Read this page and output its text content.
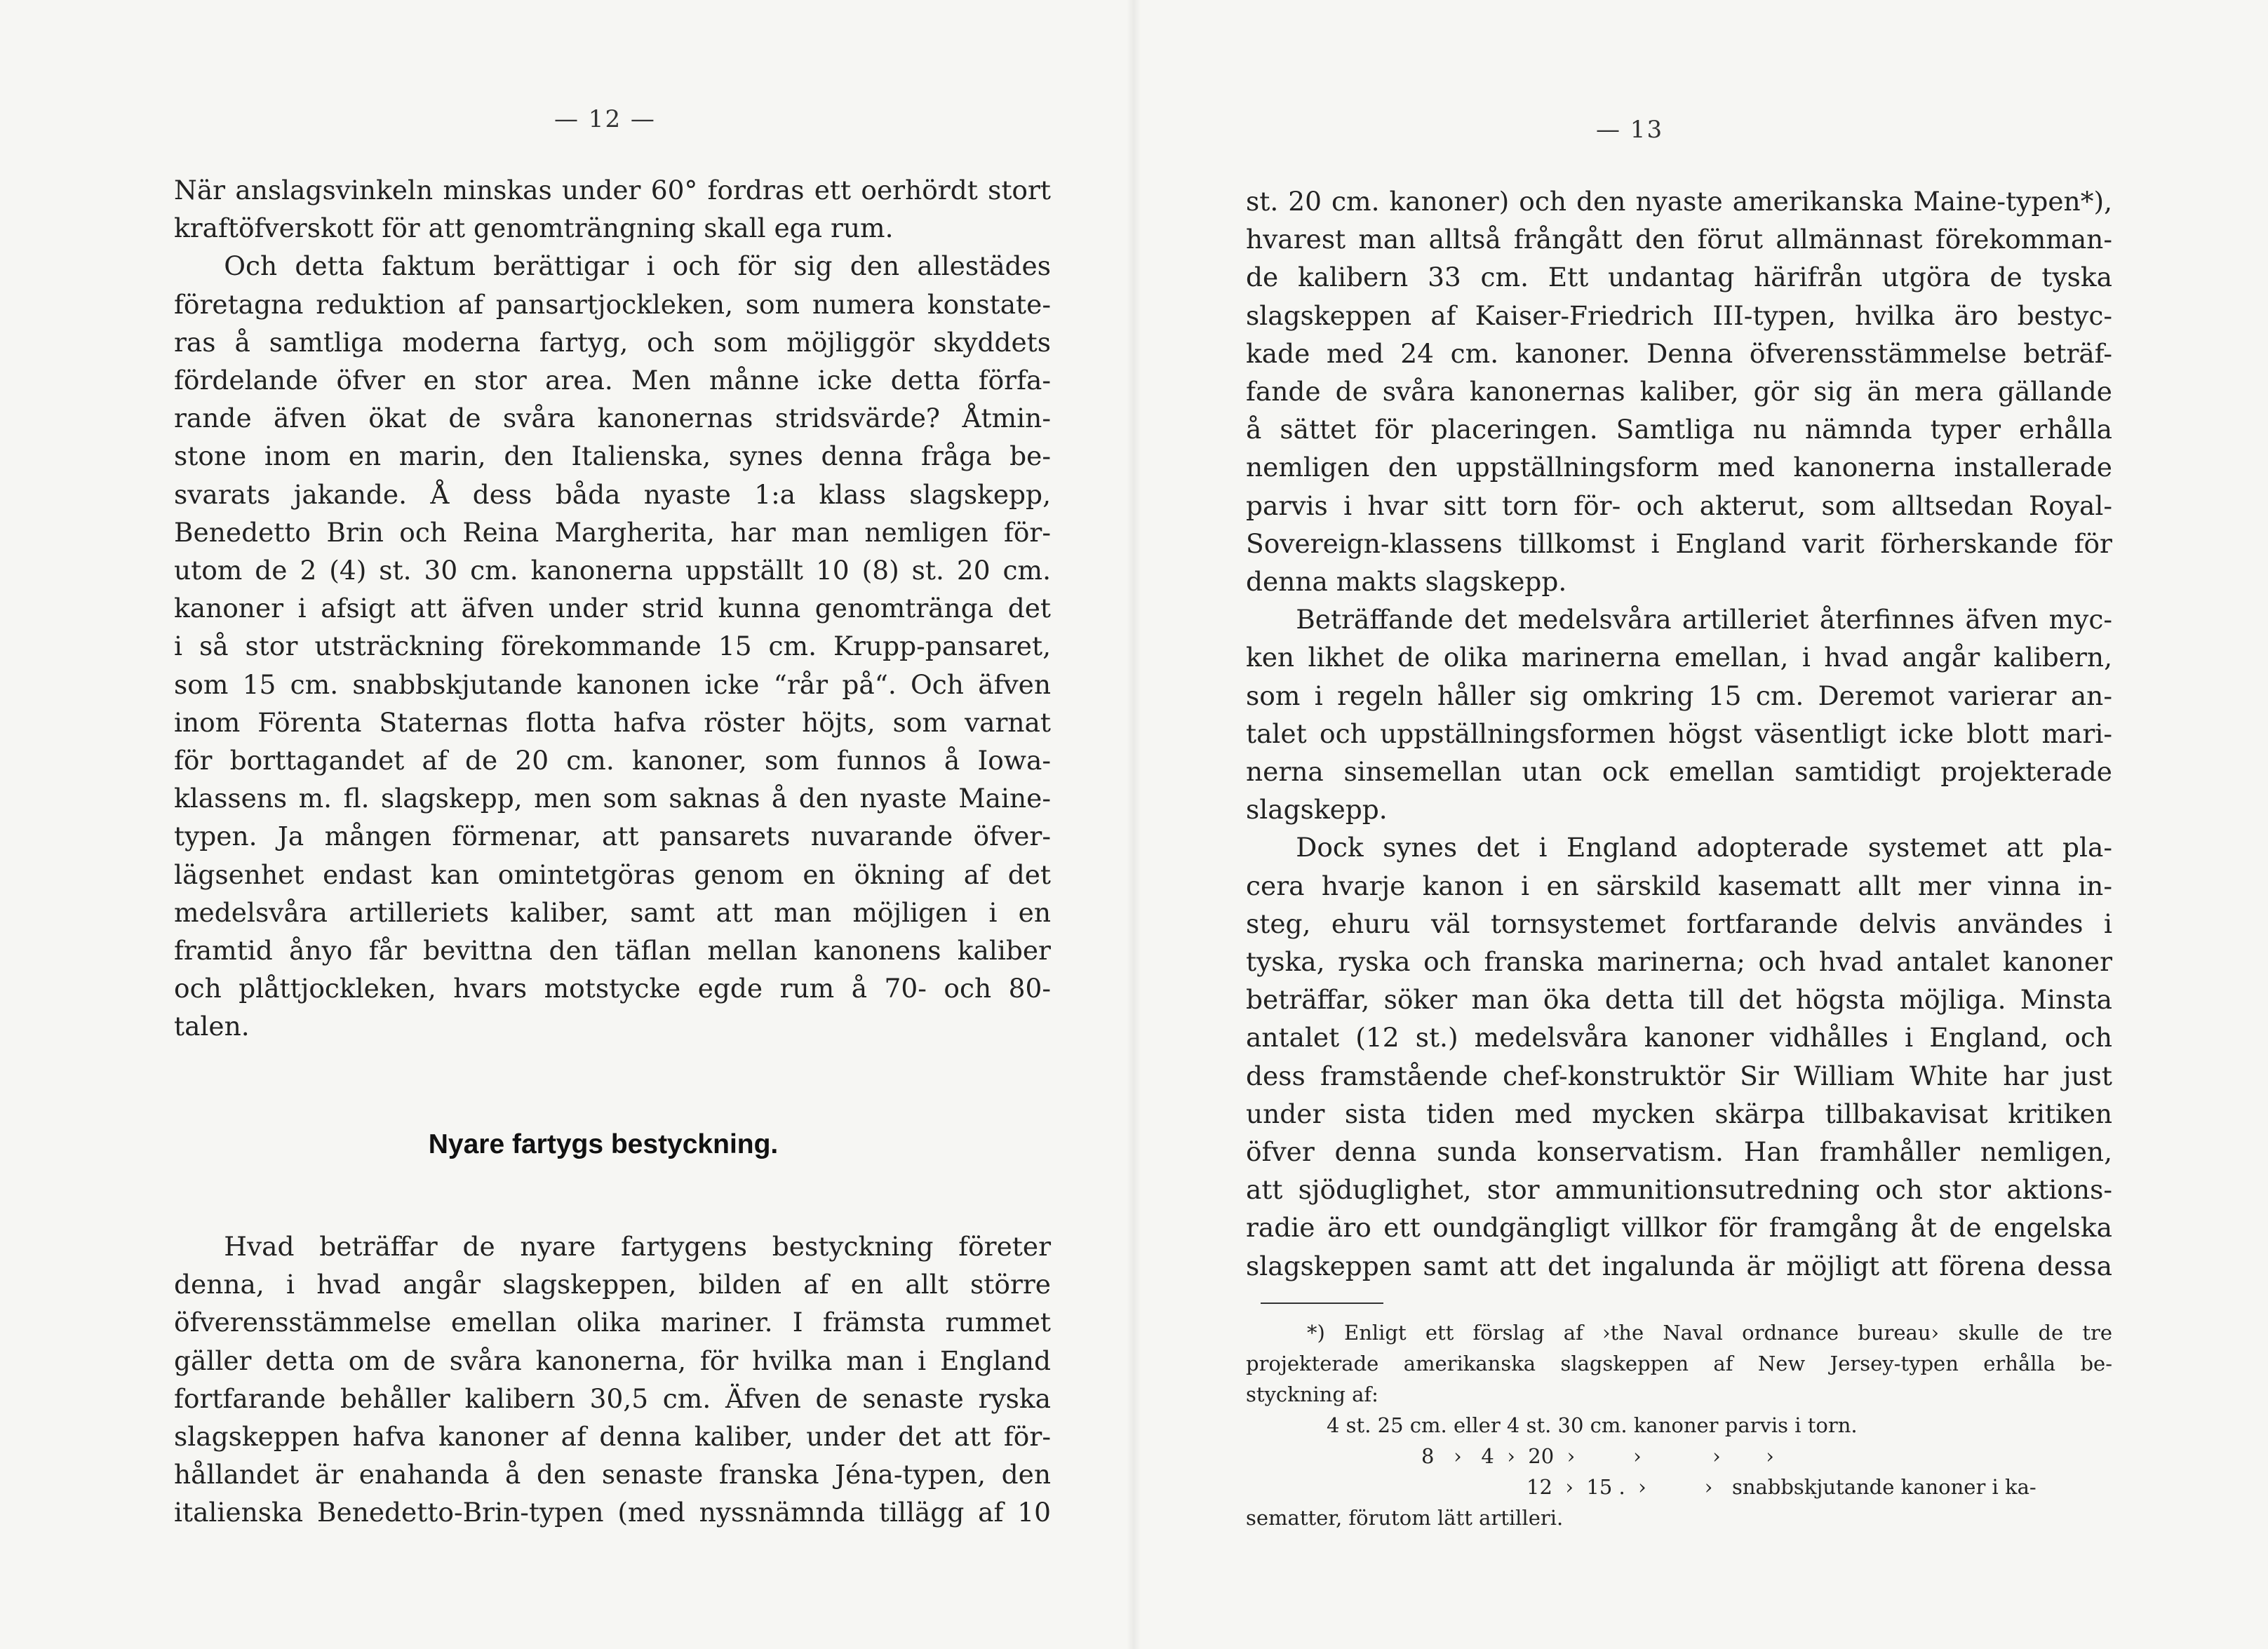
— 12 —	— 13

När anslagsvinkeln minskas under 60° fordras ett oerhördt stort

kraftöfverskott för att genomträngning skall ega rum.

Och detta faktum berättigar i och för sig den allestädes

företagna reduktion af pansartjockleken, som numera konstate-

ras å samtliga moderna fartyg, och som möjliggör skyddets

fördelande öfver en stor area. Men månne icke detta förfa-

rande äfven ökat de svåra kanonernas stridsvärde? Åtmin-

stone inom en marin, den Italienska, synes denna fråga be-

svarats jakande. Å dess båda nyaste 1:a klass slagskepp,

Benedetto Brin och Reina Margherita, har man nemligen för-

utom de 2 (4) st. 30 cm. kanonerna uppställt 10 (8) st. 20 cm.

kanoner i afsigt att äfven under strid kunna genomtränga det

i så stor utsträckning förekommande 15 cm. Krupp-pansaret,

som 15 cm. snabbskjutande kanonen icke “rår på“. Och äfven

inom Förenta Staternas flotta hafva röster höjts, som varnat

för borttagandet af de 20 cm. kanoner, som funnos å Iowa-

klassens m. fl. slagskepp, men som saknas å den nyaste Maine-

typen. Ja mången förmenar, att pansarets nuvarande öfver-

lägsenhet endast kan omintetgöras genom en ökning af det

medelsvåra artilleriets kaliber, samt att man möjligen i en

framtid ånyo får bevittna den täflan mellan kanonens kaliber

och plåttjockleken, hvars motstycke egde rum å 70- och 80-

talen.

Nyare fartygs bestyckning.

Hvad beträffar de nyare fartygens bestyckning företer

denna, i hvad angår slagskeppen, bilden af en allt större

öfverensstämmelse emellan olika mariner. I främsta rummet

gäller detta om de svåra kanonerna, för hvilka man i England

fortfarande behåller kalibern 30,5 cm. Äfven de senaste ryska

slagskeppen hafva kanoner af denna kaliber, under det att för-

hållandet är enahanda å den senaste franska Jéna-typen, den

italienska Benedetto-Brin-typen (med nyssnämnda tillägg af 10

st. 20 cm. kanoner) och den nyaste amerikanska Maine-typen*),

hvarest man alltså frångått den förut allmännast förekomman-

de kalibern 33 cm. Ett undantag härifrån utgöra de tyska

slagskeppen af Kaiser-Friedrich III-typen, hvilka äro bestyc-

kade med 24 cm. kanoner. Denna öfverensstämmelse beträf-

fande de svåra kanonernas kaliber, gör sig än mera gällande

å sättet för placeringen. Samtliga nu nämnda typer erhålla

nemligen den uppställningsform med kanonerna installerade

parvis i hvar sitt torn för- och akterut, som alltsedan Royal-

Sovereign-klassens tillkomst i England varit förherskande för

denna makts slagskepp.

Beträffande det medelsvåra artilleriet återfinnes äfven myc-

ken likhet de olika marinerna emellan, i hvad angår kalibern,

som i regeln håller sig omkring 15 cm. Deremot varierar an-

talet och uppställningsformen högst väsentligt icke blott mari-

nerna sinsemellan utan ock emellan samtidigt projekterade

slagskepp.

Dock synes det i England adopterade systemet att pla-

cera hvarje kanon i en särskild kasematt allt mer vinna in-

steg, ehuru väl tornsystemet fortfarande delvis användes i

tyska, ryska och franska marinerna; och hvad antalet kanoner

beträffar, söker man öka detta till det högsta möjliga. Minsta

antalet (12 st.) medelsvåra kanoner vidhålles i England, och

dess framstående chef-konstruktör Sir William White har just

under sista tiden med mycken skärpa tillbakavisat kritiken

öfver denna sunda konservatism. Han framhåller nemligen,

att sjöduglighet, stor ammunitionsutredning och stor aktions-

radie äro ett oundgängligt villkor för framgång åt de engelska

slagskeppen samt att det ingalunda är möjligt att förena dessa

*) Enligt ett förslag af ›the Naval ordnance bureau› skulle de tre

projekterade amerikanska slagskeppen af New Jersey-typen erhålla be-

styckning af:

4 st. 25 cm. eller 4 st. 30 cm. kanoner parvis i torn.

8   ›   4  ›  20  ›         ›           ›       ›

12  ›  15 .  ›         ›   snabbskjutande kanoner i ka-

sematter, förutom lätt artilleri.
